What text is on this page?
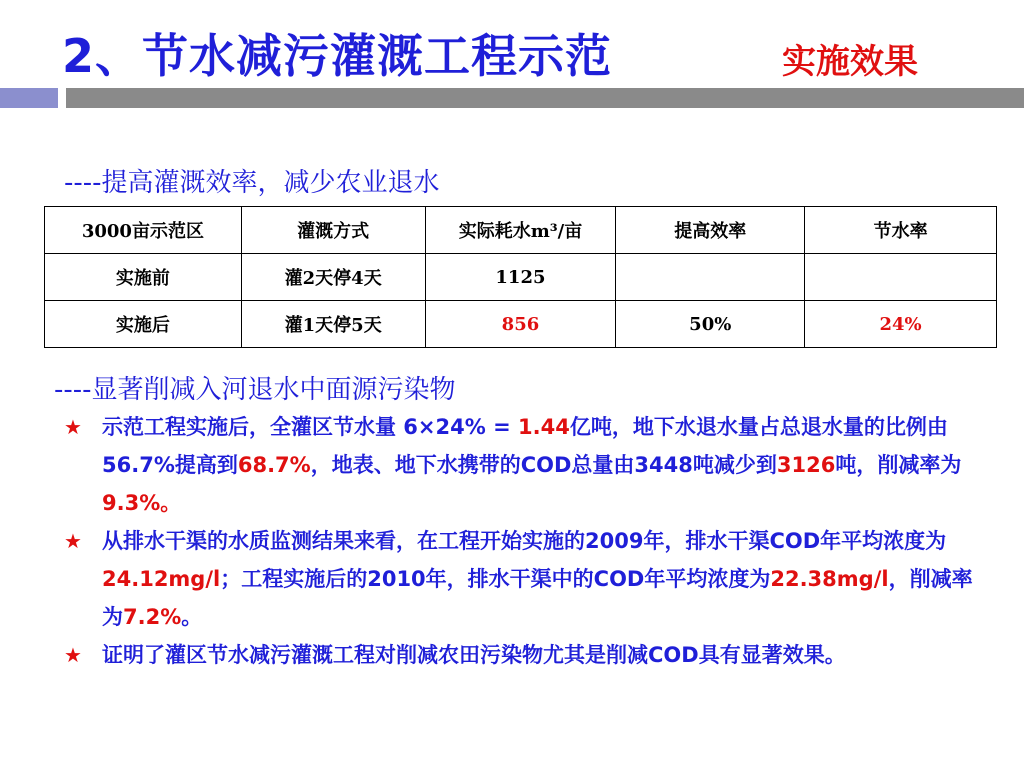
2、节水减污灌溉工程示范	实施效果
----提高灌溉效率，减少农业退水
3000亩示范区	灌溉方式	实际耗水m³/亩	提高效率	节水率
实施前	灌2天停4天	1125		
实施后	灌1天停5天	856	50%	24%
----显著削减入河退水中面源污染物
★ 示范工程实施后，全灌区节水量 6×24% = 1.44亿吨，地下水退水量占总退水量的比例由56.7%提高到68.7%，地表、地下水携带的COD总量由3448吨减少到3126吨，削减率为9.3%。
★ 从排水干渠的水质监测结果来看，在工程开始实施的2009年，排水干渠COD年平均浓度为24.12mg/l；工程实施后的2010年，排水干渠中的COD年平均浓度为22.38mg/l，削减率为7.2%。
★ 证明了灌区节水减污灌溉工程对削减农田污染物尤其是削减COD具有显著效果。
